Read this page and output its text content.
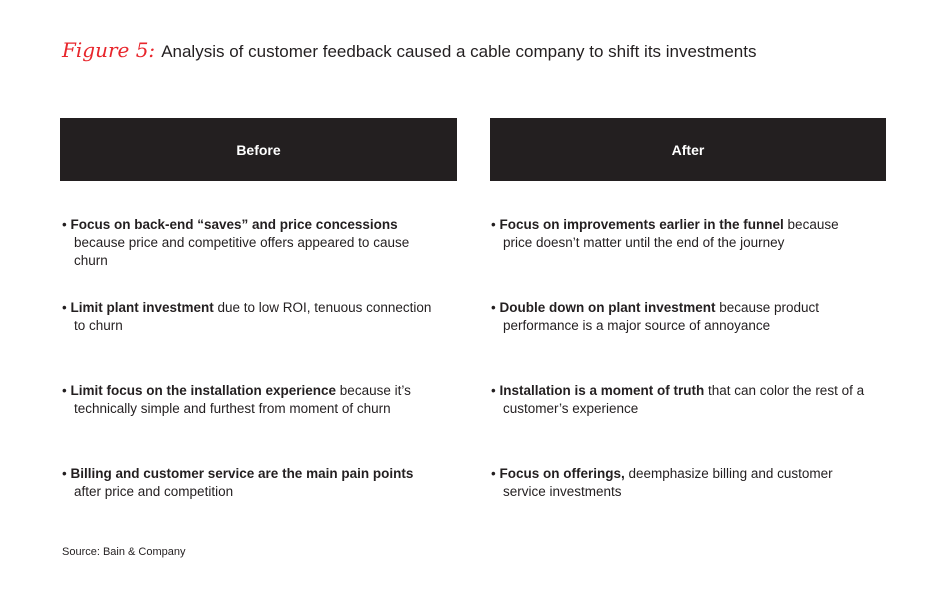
Figure 5: Analysis of customer feedback caused a cable company to shift its investments
Before	After
• Focus on back-end “saves” and price concessions because price and competitive offers appeared to cause churn
• Limit plant investment due to low ROI, tenuous connection to churn
• Limit focus on the installation experience because it’s technically simple and furthest from moment of churn
• Billing and customer service are the main pain points after price and competition
• Focus on improvements earlier in the funnel because price doesn’t matter until the end of the journey
• Double down on plant investment because product performance is a major source of annoyance
• Installation is a moment of truth that can color the rest of a customer’s experience
• Focus on offerings, deemphasize billing and customer service investments
Source: Bain & Company
